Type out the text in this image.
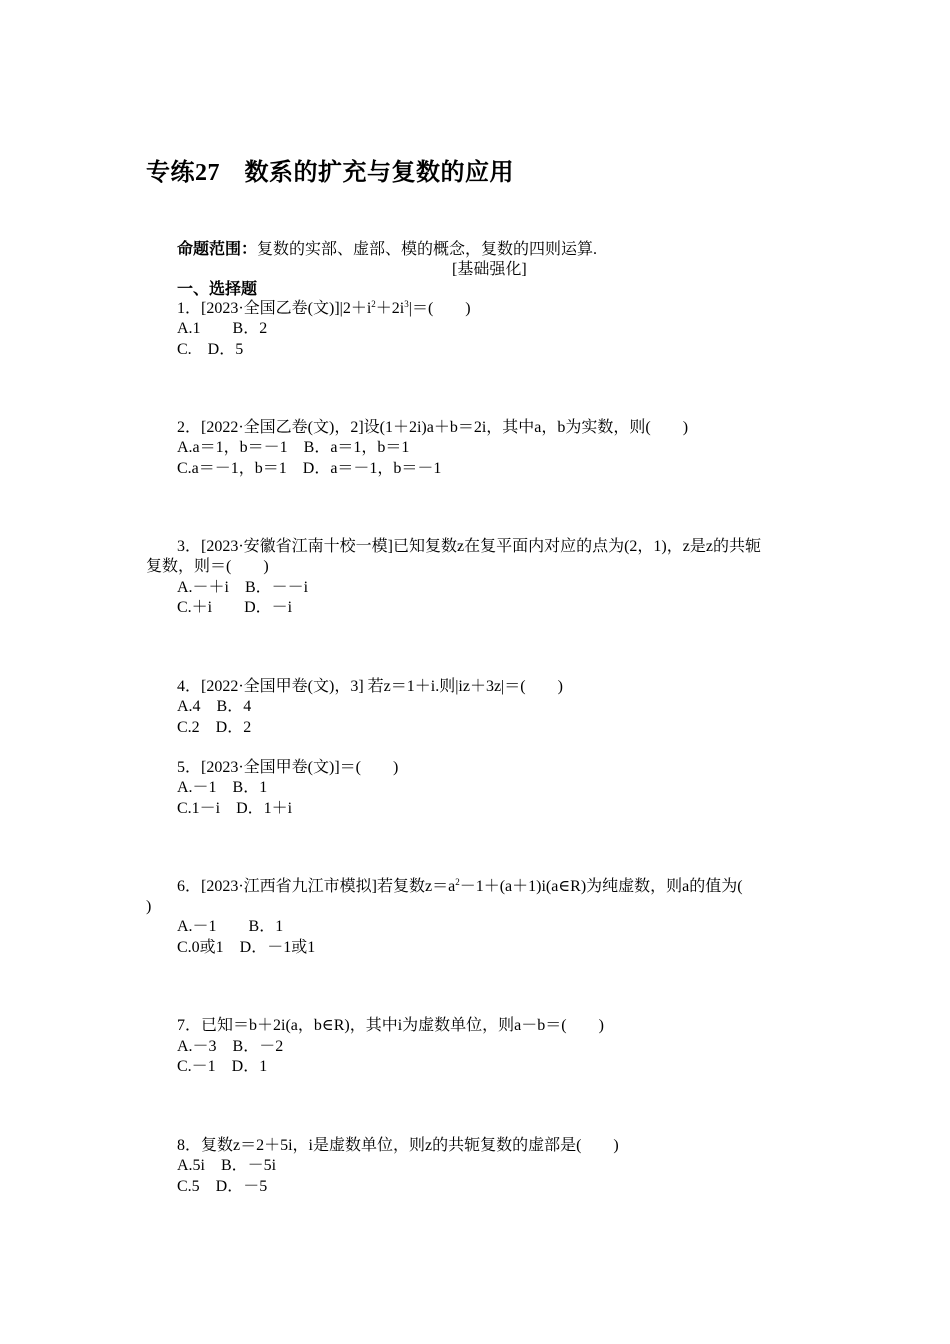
专练27　数系的扩充与复数的应用
命题范围：复数的实部、虚部、模的概念，复数的四则运算.
[基础强化]
一、选择题
1．[2023·全国乙卷(文)]$|2+i^2+2i^3|=$(　　)
A.1　　B．2
C.　D．5
2．[2022·全国乙卷(文)，2]设(1＋2i)a＋b＝2i，其中a，b为实数，则(　　)
A.a＝1，b＝－1　B．a＝1，b＝1
C.a＝－1，b＝1　D．a＝－1，b＝－1
3．[2023·安徽省江南十校一模]已知复数z在复平面内对应的点为(2，1)，z是z的共轭
复数，则＝(　　)
A.－＋i　B．－－i
C.＋i　　D．－i
4．[2022·全国甲卷(文)，3] 若z＝1＋i.则|iz＋3z|＝(　　)
A.4　B．4
C.2　D．2
5．[2023·全国甲卷(文)]＝(　　)
A.－1　B．1
C.1－i　D．1＋i
6．[2023·江西省九江市模拟]若复数$z=a^2-1+(a+1)i(a\in R)$为纯虚数，则a的值为(
)
A.－1　　B．1
C.0或1　D．－1或1
7．已知＝b＋2i(a，b∈R)，其中i为虚数单位，则a－b＝(　　)
A.－3　B．－2
C.－1　D．1
8．复数z＝2＋5i，i是虚数单位，则z的共轭复数的虚部是(　　)
A.5i　B．－5i
C.5　D．－5
